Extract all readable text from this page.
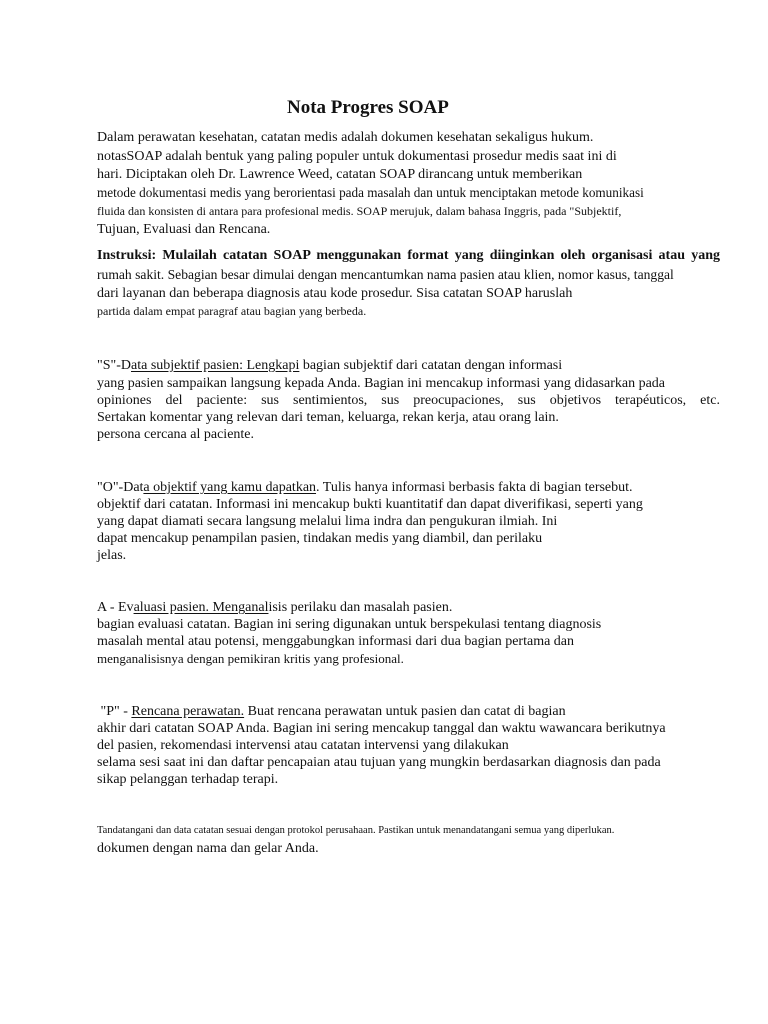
Nota Progres SOAP
Dalam perawatan kesehatan, catatan medis adalah dokumen kesehatan sekaligus hukum.
notasSOAP adalah bentuk yang paling populer untuk dokumentasi prosedur medis saat ini di
hari. Diciptakan oleh Dr. Lawrence Weed, catatan SOAP dirancang untuk memberikan
metode dokumentasi medis yang berorientasi pada masalah dan untuk menciptakan metode komunikasi
fluida dan konsisten di antara para profesional medis. SOAP merujuk, dalam bahasa Inggris, pada "Subjektif,
Tujuan, Evaluasi dan Rencana.
Instruksi: Mulailah catatan SOAP menggunakan format yang diinginkan oleh organisasi atau yang
rumah sakit. Sebagian besar dimulai dengan mencantumkan nama pasien atau klien, nomor kasus, tanggal
dari layanan dan beberapa diagnosis atau kode prosedur. Sisa catatan SOAP haruslah
partida dalam empat paragraf atau bagian yang berbeda.
"S"-Data subjektif pasien: Lengkapi bagian subjektif dari catatan dengan informasi
yang pasien sampaikan langsung kepada Anda. Bagian ini mencakup informasi yang didasarkan pada
opiniones del paciente: sus sentimientos, sus preocupaciones, sus objetivos terapéuticos, etc.
Sertakan komentar yang relevan dari teman, keluarga, rekan kerja, atau orang lain.
persona cercana al paciente.
"O"-Data objektif yang kamu dapatkan. Tulis hanya informasi berbasis fakta di bagian tersebut.
objektif dari catatan. Informasi ini mencakup bukti kuantitatif dan dapat diverifikasi, seperti yang
yang dapat diamati secara langsung melalui lima indra dan pengukuran ilmiah. Ini
dapat mencakup penampilan pasien, tindakan medis yang diambil, dan perilaku
jelas.
A - Evaluasi pasien. Menganalisis perilaku dan masalah pasien.
bagian evaluasi catatan. Bagian ini sering digunakan untuk berspekulasi tentang diagnosis
masalah mental atau potensi, menggabungkan informasi dari dua bagian pertama dan
menganalisisnya dengan pemikiran kritis yang profesional.
"P" - Rencana perawatan. Buat rencana perawatan untuk pasien dan catat di bagian
akhir dari catatan SOAP Anda. Bagian ini sering mencakup tanggal dan waktu wawancara berikutnya
del pasien, rekomendasi intervensi atau catatan intervensi yang dilakukan
selama sesi saat ini dan daftar pencapaian atau tujuan yang mungkin berdasarkan diagnosis dan pada
sikap pelanggan terhadap terapi.
Tandatangani dan data catatan sesuai dengan protokol perusahaan. Pastikan untuk menandatangani semua yang diperlukan.
dokumen dengan nama dan gelar Anda.
